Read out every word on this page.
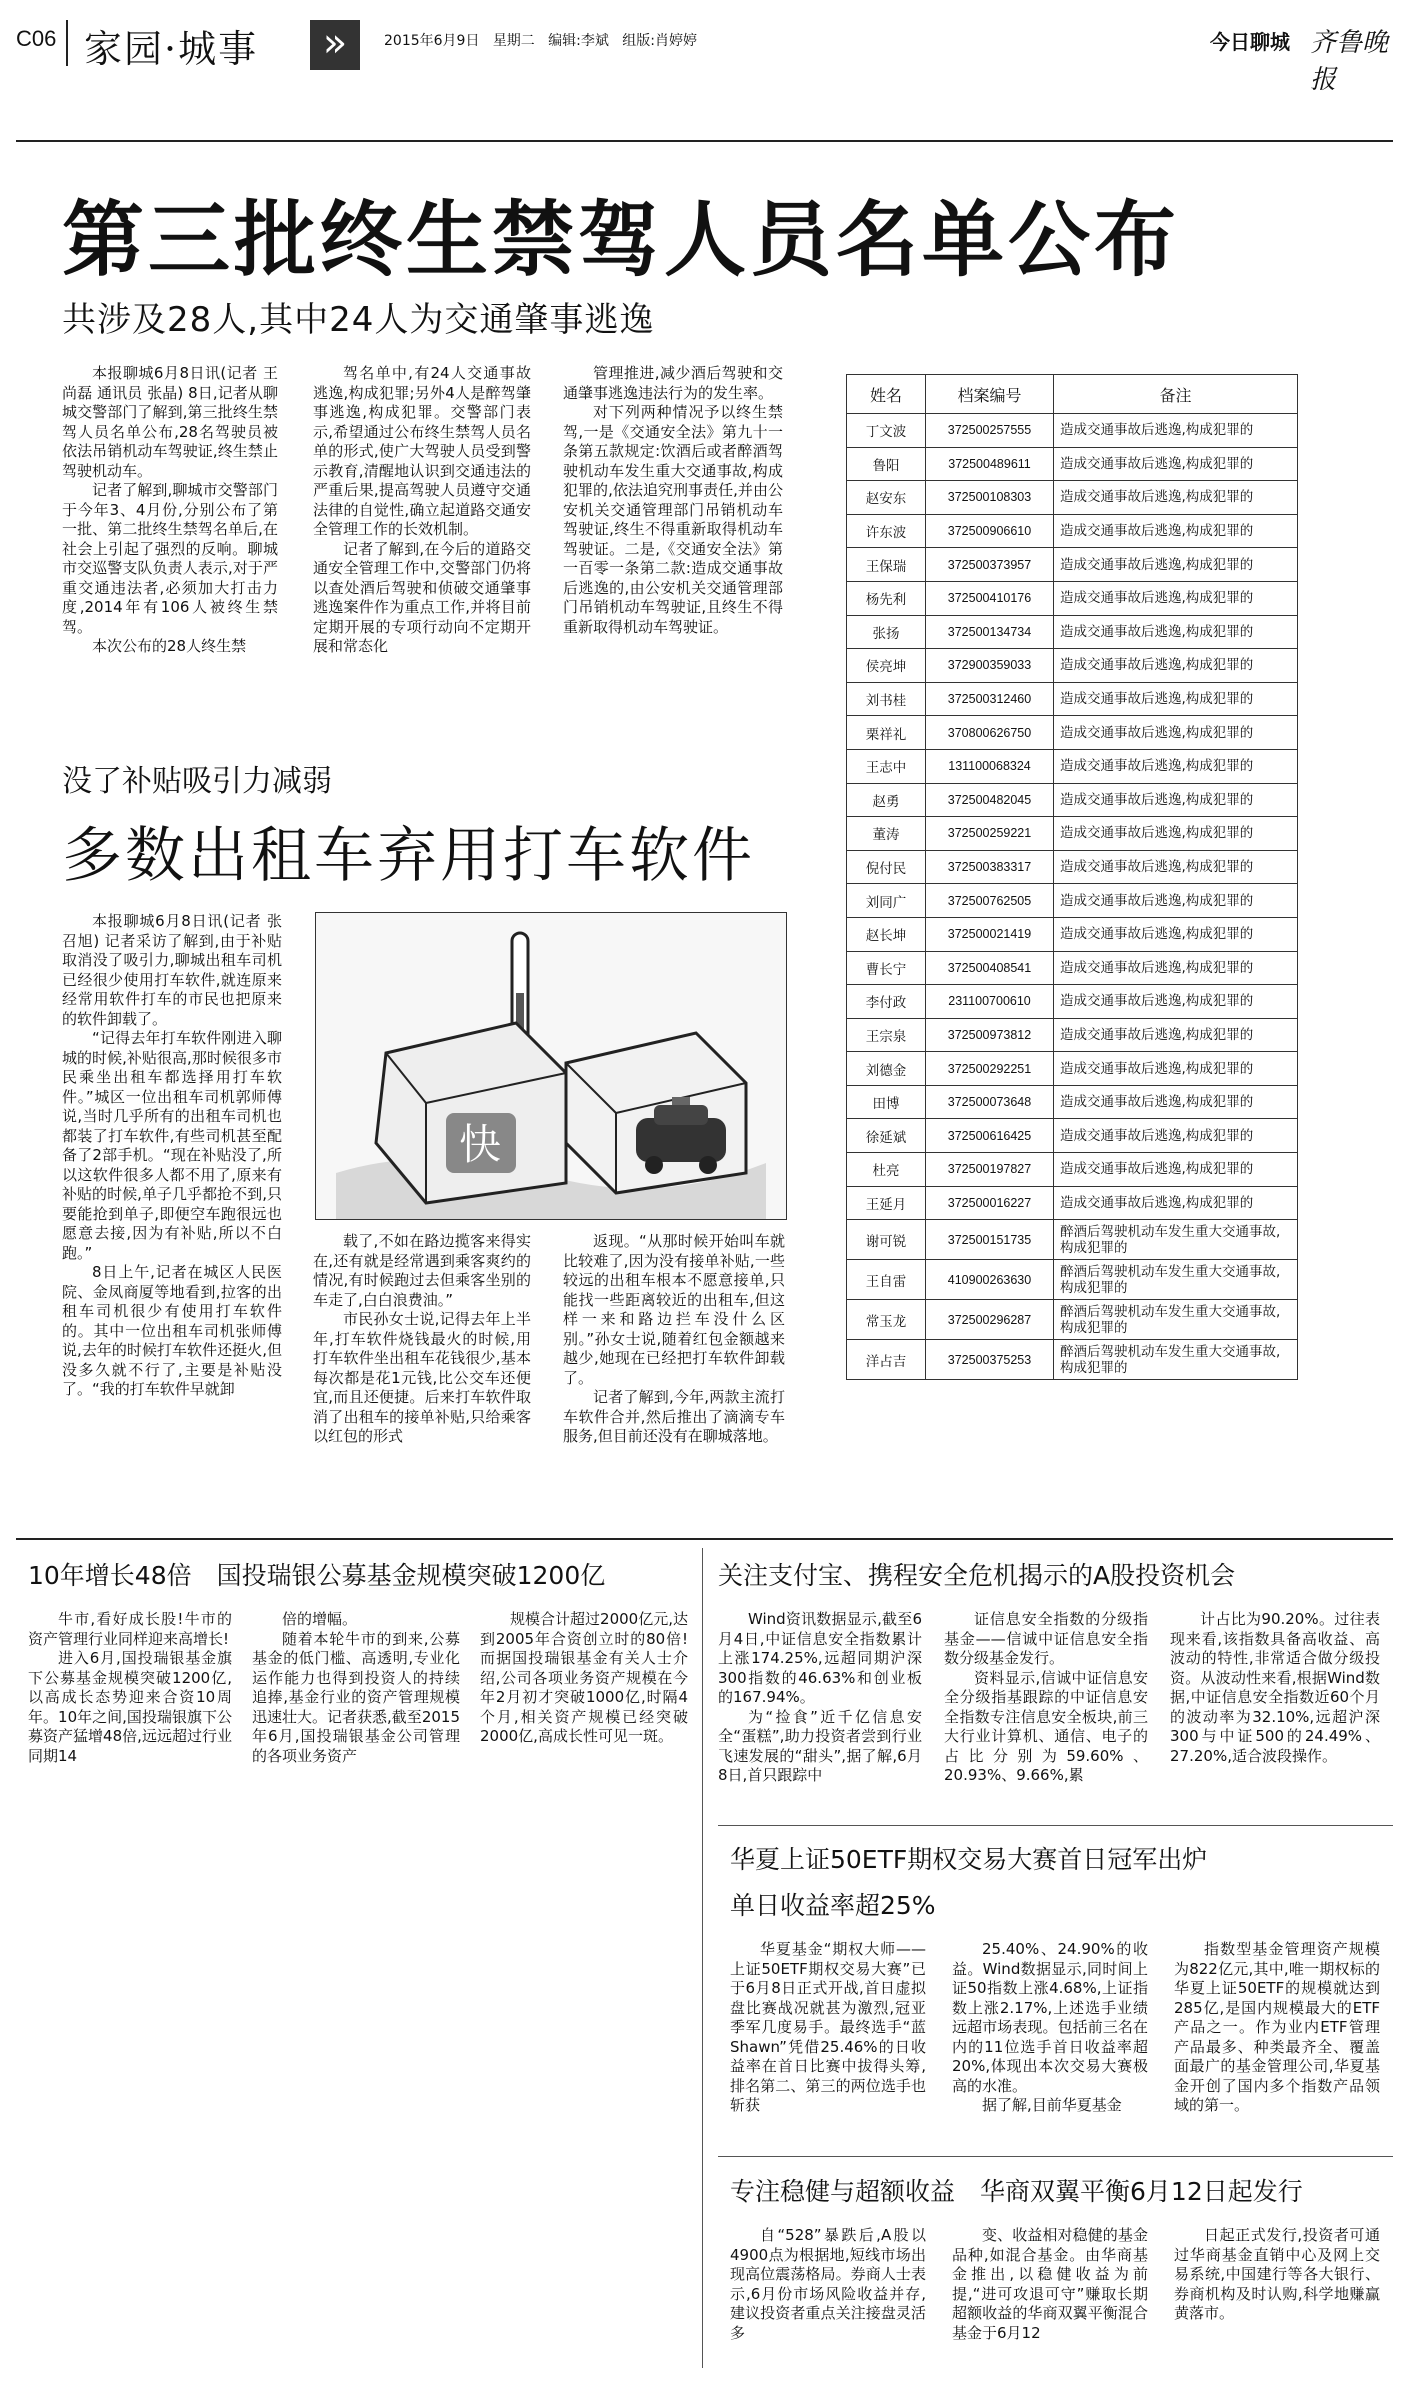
C06 家园·城事	»	2015年6月9日 星期二 编辑:李斌 组版:肖婷婷	今日聊城 齐鲁晚报
第三批终生禁驾人员名单公布
共涉及28人,其中24人为交通肇事逃逸
本报聊城6月8日讯(记者 王尚磊 通讯员 张晶) 8日,记者从聊城交警部门了解到,第三批终生禁驾人员名单公布,28名驾驶员被依法吊销机动车驾驶证,终生禁止驾驶机动车。
记者了解到,聊城市交警部门于今年3、4月份,分别公布了第一批、第二批终生禁驾名单后,在社会上引起了强烈的反响。聊城市交巡警支队负责人表示,对于严重交通违法者,必须加大打击力度,2014年有106人被终生禁驾。
本次公布的28人终生禁
驾名单中,有24人交通事故逃逸,构成犯罪;另外4人是醉驾肇事逃逸,构成犯罪。交警部门表示,希望通过公布终生禁驾人员名单的形式,使广大驾驶人员受到警示教育,清醒地认识到交通违法的严重后果,提高驾驶人员遵守交通法律的自觉性,确立起道路交通安全管理工作的长效机制。
记者了解到,在今后的道路交通安全管理工作中,交警部门仍将以查处酒后驾驶和侦破交通肇事逃逸案件作为重点工作,并将目前定期开展的专项行动向不定期开展和常态化
管理推进,减少酒后驾驶和交通肇事逃逸违法行为的发生率。
对下列两种情况予以终生禁驾,一是《交通安全法》第九十一条第五款规定:饮酒后或者醉酒驾驶机动车发生重大交通事故,构成犯罪的,依法追究刑事责任,并由公安机关交通管理部门吊销机动车驾驶证,终生不得重新取得机动车驾驶证。二是,《交通安全法》第一百零一条第二款:造成交通事故后逃逸的,由公安机关交通管理部门吊销机动车驾驶证,且终生不得重新取得机动车驾驶证。
姓名	档案编号	备注
丁文波	372500257555	造成交通事故后逃逸,构成犯罪的
鲁阳	372500489611	造成交通事故后逃逸,构成犯罪的
赵安东	372500108303	造成交通事故后逃逸,构成犯罪的
许东波	372500906610	造成交通事故后逃逸,构成犯罪的
王保瑞	372500373957	造成交通事故后逃逸,构成犯罪的
杨先利	372500410176	造成交通事故后逃逸,构成犯罪的
张扬	372500134734	造成交通事故后逃逸,构成犯罪的
侯亮坤	372900359033	造成交通事故后逃逸,构成犯罪的
刘书桂	372500312460	造成交通事故后逃逸,构成犯罪的
栗祥礼	370800626750	造成交通事故后逃逸,构成犯罪的
王志中	131100068324	造成交通事故后逃逸,构成犯罪的
赵勇	372500482045	造成交通事故后逃逸,构成犯罪的
董涛	372500259221	造成交通事故后逃逸,构成犯罪的
倪付民	372500383317	造成交通事故后逃逸,构成犯罪的
刘同广	372500762505	造成交通事故后逃逸,构成犯罪的
赵长坤	372500021419	造成交通事故后逃逸,构成犯罪的
曹长宁	372500408541	造成交通事故后逃逸,构成犯罪的
李付政	231100700610	造成交通事故后逃逸,构成犯罪的
王宗泉	372500973812	造成交通事故后逃逸,构成犯罪的
刘德金	372500292251	造成交通事故后逃逸,构成犯罪的
田博	372500073648	造成交通事故后逃逸,构成犯罪的
徐延斌	372500616425	造成交通事故后逃逸,构成犯罪的
杜亮	372500197827	造成交通事故后逃逸,构成犯罪的
王延月	372500016227	造成交通事故后逃逸,构成犯罪的
谢可锐	372500151735	醉酒后驾驶机动车发生重大交通事故,构成犯罪的
王自雷	410900263630	醉酒后驾驶机动车发生重大交通事故,构成犯罪的
常玉龙	372500296287	醉酒后驾驶机动车发生重大交通事故,构成犯罪的
洋占吉	372500375253	醉酒后驾驶机动车发生重大交通事故,构成犯罪的
没了补贴吸引力减弱
多数出租车弃用打车软件
快
本报聊城6月8日讯(记者 张召旭) 记者采访了解到,由于补贴取消没了吸引力,聊城出租车司机已经很少使用打车软件,就连原来经常用软件打车的市民也把原来的软件卸载了。
“记得去年打车软件刚进入聊城的时候,补贴很高,那时候很多市民乘坐出租车都选择用打车软件。”城区一位出租车司机郭师傅说,当时几乎所有的出租车司机也都装了打车软件,有些司机甚至配备了2部手机。“现在补贴没了,所以这软件很多人都不用了,原来有补贴的时候,单子几乎都抢不到,只要能抢到单子,即便空车跑很远也愿意去接,因为有补贴,所以不白跑。”
8日上午,记者在城区人民医院、金凤商厦等地看到,拉客的出租车司机很少有使用打车软件的。其中一位出租车司机张师傅说,去年的时候打车软件还挺火,但没多久就不行了,主要是补贴没了。“我的打车软件早就卸
载了,不如在路边揽客来得实在,还有就是经常遇到乘客爽约的情况,有时候跑过去但乘客坐别的车走了,白白浪费油。”
市民孙女士说,记得去年上半年,打车软件烧钱最火的时候,用打车软件坐出租车花钱很少,基本每次都是花1元钱,比公交车还便宜,而且还便捷。后来打车软件取消了出租车的接单补贴,只给乘客以红包的形式
返现。“从那时候开始叫车就比较难了,因为没有接单补贴,一些较远的出租车根本不愿意接单,只能找一些距离较近的出租车,但这样一来和路边拦车没什么区别。”孙女士说,随着红包金额越来越少,她现在已经把打车软件卸载了。
记者了解到,今年,两款主流打车软件合并,然后推出了滴滴专车服务,但目前还没有在聊城落地。
10年增长48倍　国投瑞银公募基金规模突破1200亿
牛市,看好成长股!牛市的资产管理行业同样迎来高增长!
进入6月,国投瑞银基金旗下公募基金规模突破1200亿,以高成长态势迎来合资10周年。10年之间,国投瑞银旗下公募资产猛增48倍,远远超过行业同期14
倍的增幅。
随着本轮牛市的到来,公募基金的低门槛、高透明,专业化运作能力也得到投资人的持续追捧,基金行业的资产管理规模迅速壮大。记者获悉,截至2015年6月,国投瑞银基金公司管理的各项业务资产
规模合计超过2000亿元,达到2005年合资创立时的80倍!而据国投瑞银基金有关人士介绍,公司各项业务资产规模在今年2月初才突破1000亿,时隔4个月,相关资产规模已经突破2000亿,高成长性可见一斑。
关注支付宝、携程安全危机揭示的A股投资机会
Wind资讯数据显示,截至6月4日,中证信息安全指数累计上涨174.25%,远超同期沪深300指数的46.63%和创业板的167.94%。
为“捡食”近千亿信息安全“蛋糕”,助力投资者尝到行业飞速发展的“甜头”,据了解,6月8日,首只跟踪中
证信息安全指数的分级指基金——信诚中证信息安全指数分级基金发行。
资料显示,信诚中证信息安全分级指基跟踪的中证信息安全指数专注信息安全板块,前三大行业计算机、通信、电子的占比分别为59.60%、20.93%、9.66%,累
计占比为90.20%。过往表现来看,该指数具备高收益、高波动的特性,非常适合做分级投资。从波动性来看,根据Wind数据,中证信息安全指数近60个月的波动率为32.10%,远超沪深300与中证500的24.49%、27.20%,适合波段操作。
华夏上证50ETF期权交易大赛首日冠军出炉
单日收益率超25%
华夏基金“期权大师——上证50ETF期权交易大赛”已于6月8日正式开战,首日虚拟盘比赛战况就甚为激烈,冠亚季军几度易手。最终选手“蓝Shawn”凭借25.46%的日收益率在首日比赛中拔得头筹,排名第二、第三的两位选手也斩获
25.40%、24.90%的收益。Wind数据显示,同时间上证50指数上涨4.68%,上证指数上涨2.17%,上述选手业绩远超市场表现。包括前三名在内的11位选手首日收益率超20%,体现出本次交易大赛极高的水准。
据了解,目前华夏基金
指数型基金管理资产规模为822亿元,其中,唯一期权标的华夏上证50ETF的规模就达到285亿,是国内规模最大的ETF产品之一。作为业内ETF管理产品最多、种类最齐全、覆盖面最广的基金管理公司,华夏基金开创了国内多个指数产品领域的第一。
专注稳健与超额收益　华商双翼平衡6月12日起发行
自“528”暴跌后,A股以4900点为根据地,短线市场出现高位震荡格局。券商人士表示,6月份市场风险收益并存,建议投资者重点关注接盘灵活多
变、收益相对稳健的基金品种,如混合基金。由华商基金推出,以稳健收益为前提,“进可攻退可守”赚取长期超额收益的华商双翼平衡混合基金于6月12
日起正式发行,投资者可通过华商基金直销中心及网上交易系统,中国建行等各大银行、券商机构及时认购,科学地赚赢黄落市。
